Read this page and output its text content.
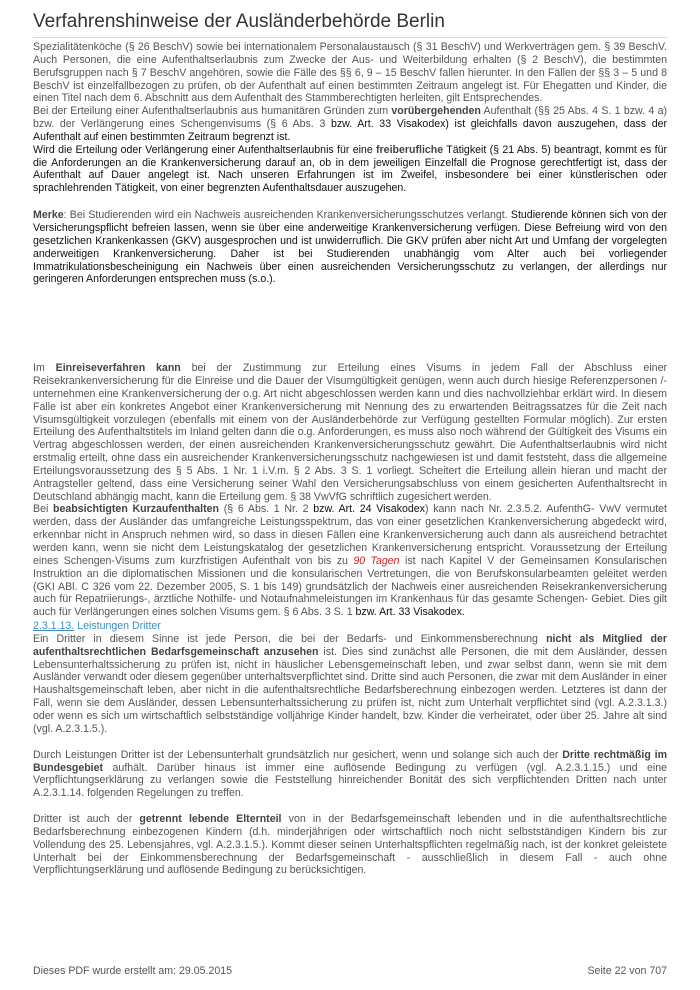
Verfahrenshinweise der Ausländerbehörde Berlin

Spezialitätenköche (§ 26 BeschV) sowie bei internationalem Personalaustausch (§ 31 BeschV) und Werkverträgen gem. § 39 BeschV. Auch Personen, die eine Aufenthaltserlaubnis zum Zwecke der Aus- und Weiterbildung erhalten (§ 2 BeschV), die bestimmten Berufsgruppen nach § 7 BeschV angehören, sowie die Fälle des §§ 6, 9 – 15 BeschV fallen hierunter. In den Fällen der §§ 3 – 5 und 8 BeschV ist einzelfallbezogen zu prüfen, ob der Aufenthalt auf einen bestimmten Zeitraum angelegt ist. Für Ehegatten und Kinder, die einen Titel nach dem 6. Abschnitt aus dem Aufenthalt des Stammberechtigten herleiten, gilt Entsprechendes.

Bei der Erteilung einer Aufenthaltserlaubnis aus humanitären Gründen zum vorübergehenden Aufenthalt (§§ 25 Abs. 4 S. 1 bzw. 4 a) bzw. der Verlängerung eines Schengenvisums (§ 6 Abs. 3 bzw. Art. 33 Visakodex) ist gleichfalls davon auszugehen, dass der Aufenthalt auf einen bestimmten Zeitraum begrenzt ist.

Wird die Erteilung oder Verlängerung einer Aufenthaltserlaubnis für eine freiberufliche Tätigkeit (§ 21 Abs. 5) beantragt, kommt es für die Anforderungen an die Krankenversicherung darauf an, ob in dem jeweiligen Einzelfall die Prognose gerechtfertigt ist, dass der Aufenthalt auf Dauer angelegt ist. Nach unseren Erfahrungen ist im Zweifel, insbesondere bei einer künstlerischen oder sprachlehrenden Tätigkeit, von einer begrenzten Aufenthaltsdauer auszugehen.

Merke: Bei Studierenden wird ein Nachweis ausreichenden Krankenversicherungsschutzes verlangt. Studierende können sich von der Versicherungspflicht befreien lassen, wenn sie über eine anderweitige Krankenversicherung verfügen. Diese Befreiung wird von den gesetzlichen Krankenkassen (GKV) ausgesprochen und ist unwiderruflich. Die GKV prüfen aber nicht Art und Umfang der vorgelegten anderweitigen Krankenversicherung. Daher ist bei Studierenden unabhängig vom Alter auch bei vorliegender Immatrikulationsbescheinigung ein Nachweis über einen ausreichenden Versicherungsschutz zu verlangen, der allerdings nur geringeren Anforderungen entsprechen muss (s.o.).

Im Einreiseverfahren kann bei der Zustimmung zur Erteilung eines Visums in jedem Fall der Abschluss einer Reisekrankenversicherung für die Einreise und die Dauer der Visumgültigkeit genügen, wenn auch durch hiesige Referenzpersonen /-unternehmen eine Krankenversicherung der o.g. Art nicht abgeschlossen werden kann und dies nachvollziehbar erklärt wird. In diesem Falle ist aber ein konkretes Angebot einer Krankenversicherung mit Nennung des zu erwartenden Beitragssatzes für die Zeit nach Visumsgültigkeit vorzulegen (ebenfalls mit einem von der Ausländerbehörde zur Verfügung gestellten Formular möglich). Zur ersten Erteilung des Aufenthaltstitels im Inland gelten dann die o.g. Anforderungen, es muss also noch während der Gültigkeit des Visums ein Vertrag abgeschlossen werden, der einen ausreichenden Krankenversicherungsschutz gewährt. Die Aufenthaltserlaubnis wird nicht erstmalig erteilt, ohne dass ein ausreichender Krankenversicherungsschutz nachgewiesen ist und damit feststeht, dass die allgemeine Erteilungsvoraussetzung des § 5 Abs. 1 Nr. 1 i.V.m. § 2 Abs. 3 S. 1 vorliegt. Scheitert die Erteilung allein hieran und macht der Antragsteller geltend, dass eine Versicherung seiner Wahl den Versicherungsabschluss von einem gesicherten Aufenthaltsrecht in Deutschland abhängig macht, kann die Erteilung gem. § 38 VwVfG schriftlich zugesichert werden.

Bei beabsichtigten Kurzaufenthalten (§ 6 Abs. 1 Nr. 2 bzw. Art. 24 Visakodex) kann nach Nr. 2.3.5.2. AufenthG- VwV vermutet werden, dass der Ausländer das umfangreiche Leistungsspektrum, das von einer gesetzlichen Krankenversicherung abgedeckt wird, erkennbar nicht in Anspruch nehmen wird, so dass in diesen Fällen eine Krankenversicherung auch dann als ausreichend betrachtet werden kann, wenn sie nicht dem Leistungskatalog der gesetzlichen Krankenversicherung entspricht. Voraussetzung der Erteilung eines Schengen-Visums zum kurzfristigen Aufenthalt von bis zu 90 Tagen ist nach Kapitel V der Gemeinsamen Konsularischen Instruktion an die diplomatischen Missionen und die konsularischen Vertretungen, die von Berufskonsularbeamten geleitet werden (GKI ABl. C 326 vom 22. Dezember 2005, S. 1 bis 149) grundsätzlich der Nachweis einer ausreichenden Reisekrankenversicherung auch für Repatriierungs-, ärztliche Nothilfe- und Notaufnahmeleistungen im Krankenhaus für das gesamte Schengen- Gebiet. Dies gilt auch für Verlängerungen eines solchen Visums gem. § 6 Abs. 3 S. 1 bzw. Art. 33 Visakodex.

2.3.1.13. Leistungen Dritter

Ein Dritter in diesem Sinne ist jede Person, die bei der Bedarfs- und Einkommensberechnung nicht als Mitglied der aufenthaltsrechtlichen Bedarfsgemeinschaft anzusehen ist. Dies sind zunächst alle Personen, die mit dem Ausländer, dessen Lebensunterhaltssicherung zu prüfen ist, nicht in häuslicher Lebensgemeinschaft leben, und zwar selbst dann, wenn sie mit dem Ausländer verwandt oder diesem gegenüber unterhaltsverpflichtet sind. Dritte sind auch Personen, die zwar mit dem Ausländer in einer Haushaltsgemeinschaft leben, aber nicht in die aufenthaltsrechtliche Bedarfsberechnung einbezogen werden. Letzteres ist dann der Fall, wenn sie dem Ausländer, dessen Lebensunterhaltssicherung zu prüfen ist, nicht zum Unterhalt verpflichtet sind (vgl. A.2.3.1.3.) oder wenn es sich um wirtschaftlich selbstständige volljährige Kinder handelt, bzw. Kinder die verheiratet, oder über 25. Jahre alt sind (vgl. A.2.3.1.5.).

Durch Leistungen Dritter ist der Lebensunterhalt grundsätzlich nur gesichert, wenn und solange sich auch der Dritte rechtmäßig im Bundesgebiet aufhält. Darüber hinaus ist immer eine auflösende Bedingung zu verfügen (vgl. A.2.3.1.15.) und eine Verpflichtungserklärung zu verlangen sowie die Feststellung hinreichender Bonität des sich verpflichtenden Dritten nach unter A.2.3.1.14. folgenden Regelungen zu treffen.

Dritter ist auch der getrennt lebende Elternteil von in der Bedarfsgemeinschaft lebenden und in die aufenthaltsrechtliche Bedarfsberechnung einbezogenen Kindern (d.h. minderjährigen oder wirtschaftlich noch nicht selbstständigen Kindern bis zur Vollendung des 25. Lebensjahres, vgl. A.2.3.1.5.). Kommt dieser seinen Unterhaltspflichten regelmäßig nach, ist der konkret geleistete Unterhalt bei der Einkommensberechnung der Bedarfsgemeinschaft - ausschließlich in diesem Fall - auch ohne Verpflichtungserklärung und auflösende Bedingung zu berücksichtigen.

Dieses PDF wurde erstellt am: 29.05.2015	Seite 22 von 707
